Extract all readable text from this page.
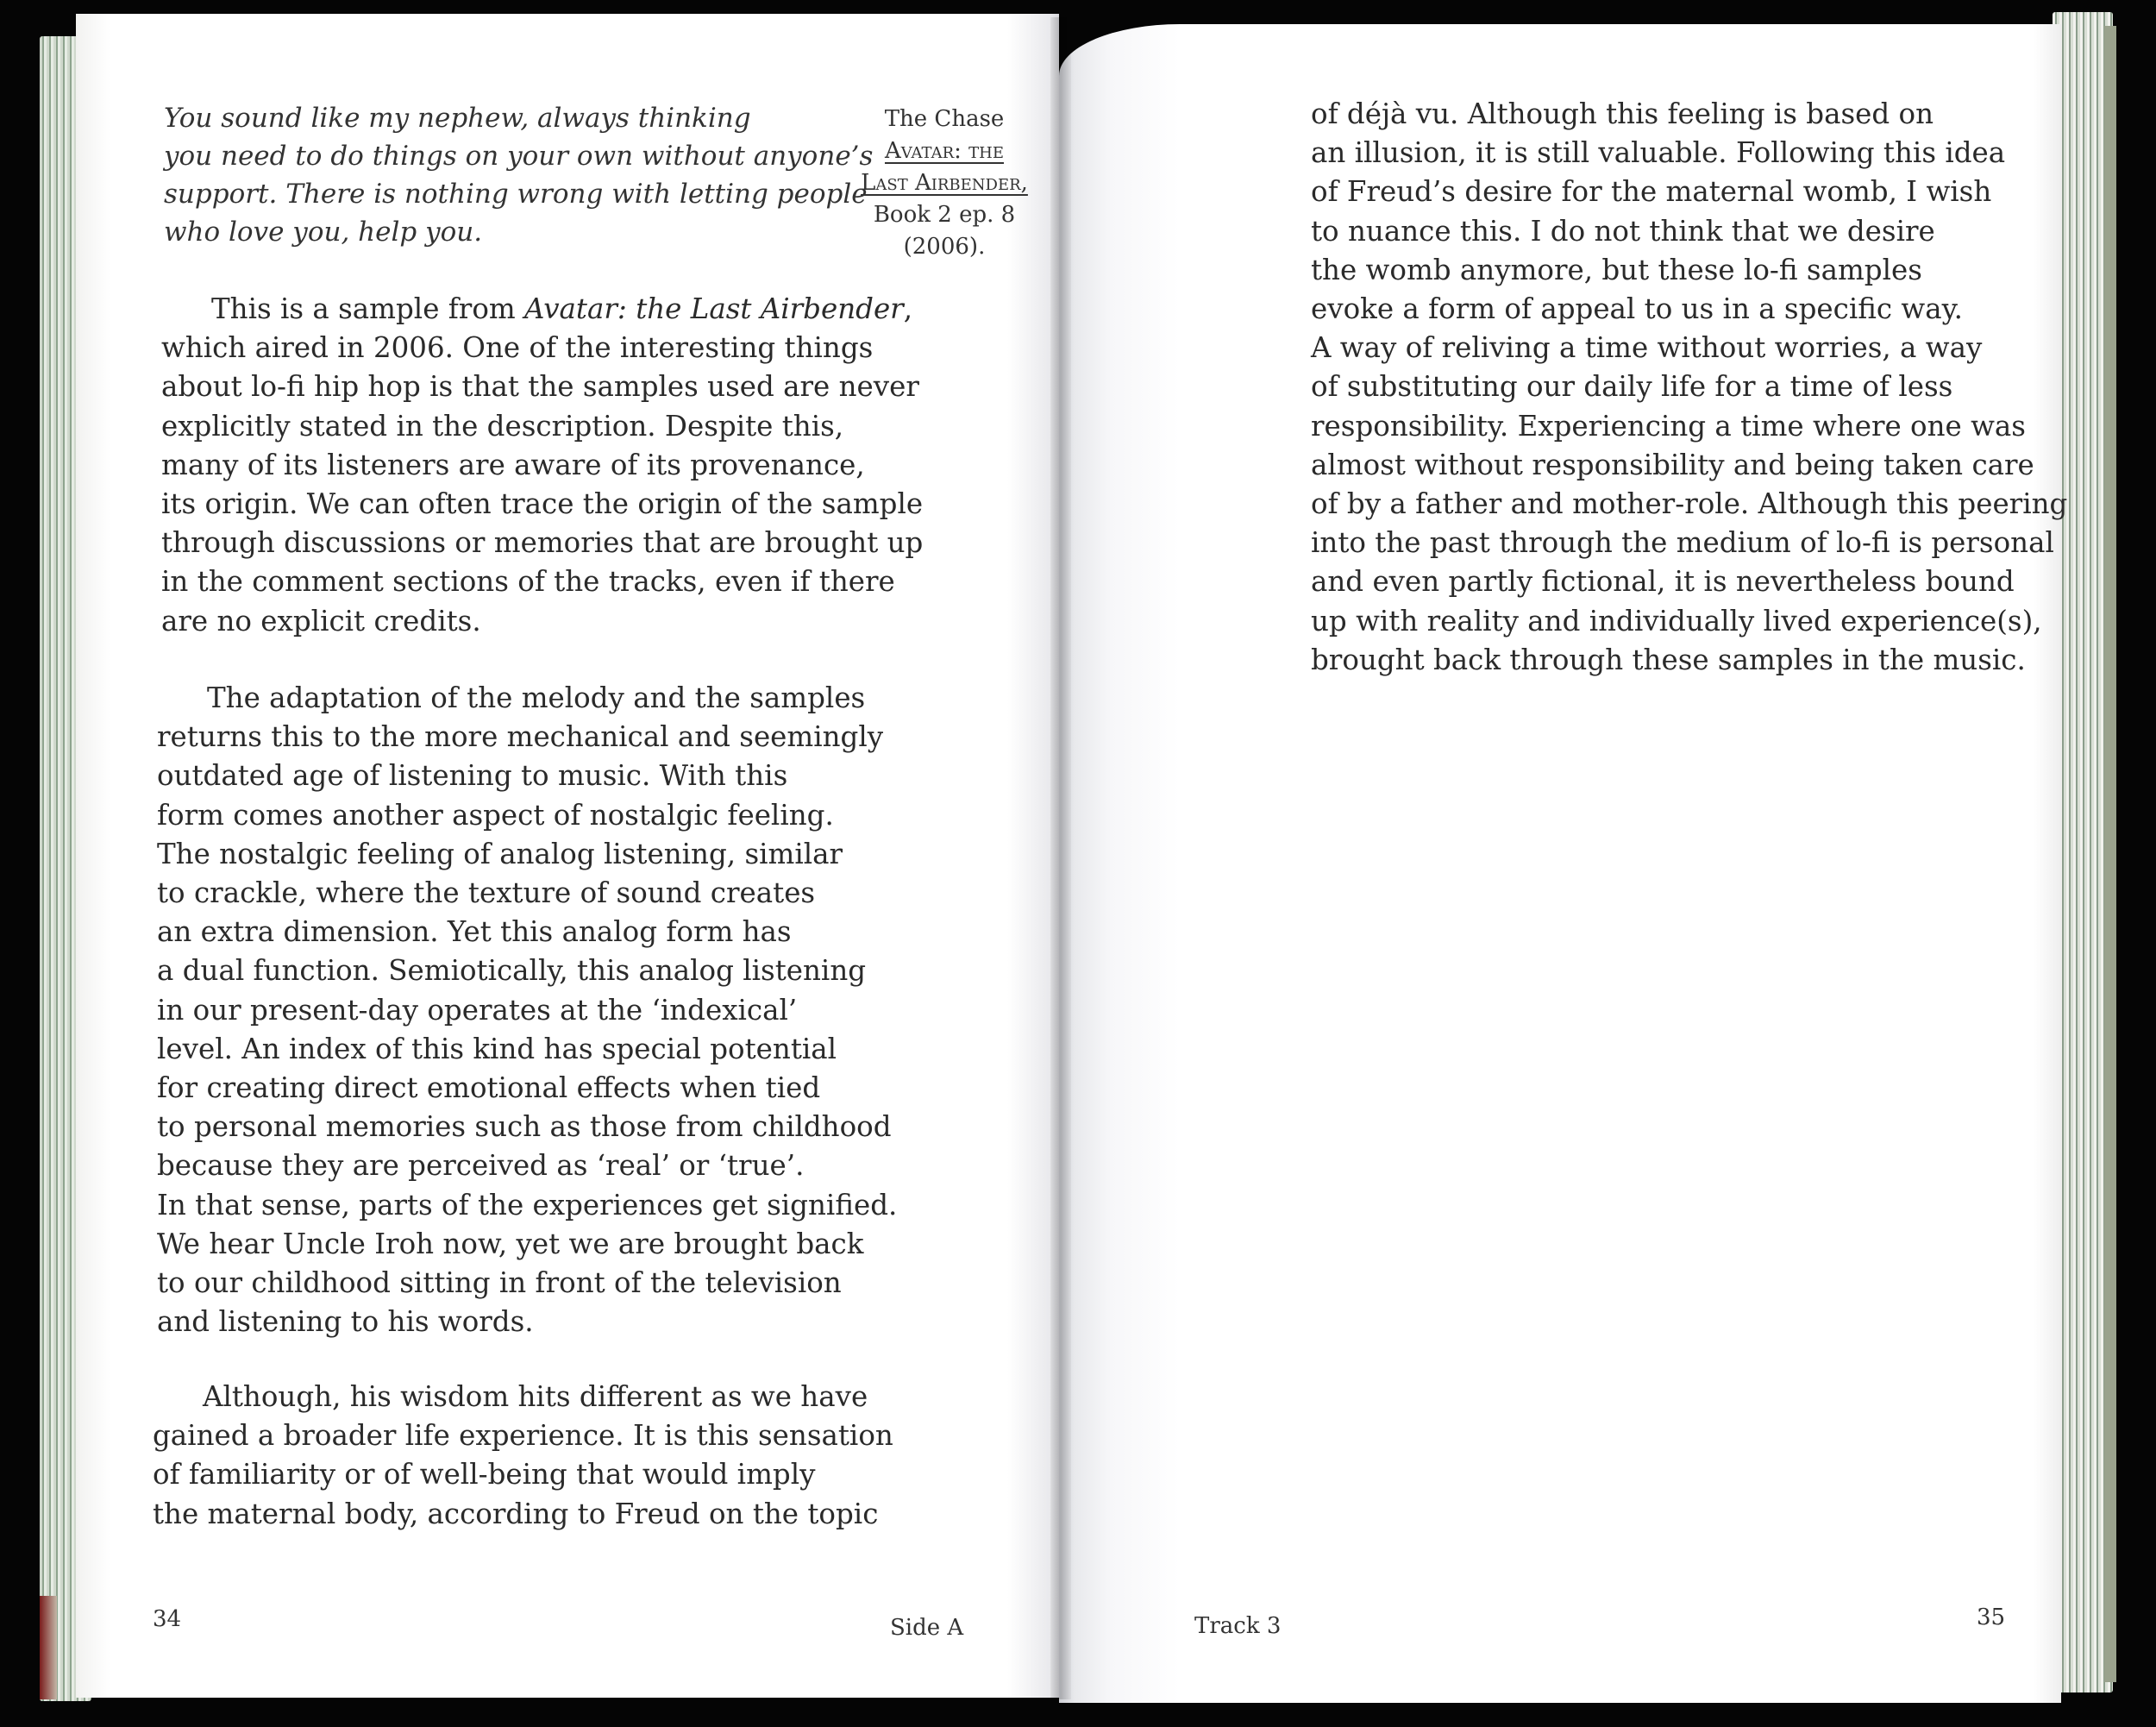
You sound like my nephew, always thinking
you need to do things on your own without anyone’s
support. There is nothing wrong with letting people
who love you, help you.
The Chase
Avatar: the
Last Airbender,
Book 2 ep. 8
(2006).
This is a sample from Avatar: the Last Airbender,
which aired in 2006. One of the interesting things
about lo-fi hip hop is that the samples used are never
explicitly stated in the description. Despite this,
many of its listeners are aware of its provenance,
its origin. We can often trace the origin of the sample
through discussions or memories that are brought up
in the comment sections of the tracks, even if there
are no explicit credits.
The adaptation of the melody and the samples
returns this to the more mechanical and seemingly
outdated age of listening to music. With this
form comes another aspect of nostalgic feeling.
The nostalgic feeling of analog listening, similar
to crackle, where the texture of sound creates
an extra dimension. Yet this analog form has
a dual function. Semiotically, this analog listening
in our present-day operates at the ‘indexical’
level. An index of this kind has special potential
for creating direct emotional effects when tied
to personal memories such as those from childhood
because they are perceived as ‘real’ or ‘true’.
In that sense, parts of the experiences get signified.
We hear Uncle Iroh now, yet we are brought back
to our childhood sitting in front of the television
and listening to his words.
Although, his wisdom hits different as we have
gained a broader life experience. It is this sensation
of familiarity or of well-being that would imply
the maternal body, according to Freud on the topic
34	Side A
of déjà vu. Although this feeling is based on
an illusion, it is still valuable. Following this idea
of Freud’s desire for the maternal womb, I wish
to nuance this. I do not think that we desire
the womb anymore, but these lo-fi samples
evoke a form of appeal to us in a specific way.
A way of reliving a time without worries, a way
of substituting our daily life for a time of less
responsibility. Experiencing a time where one was
almost without responsibility and being taken care
of by a father and mother-role. Although this peering
into the past through the medium of lo-fi is personal
and even partly fictional, it is nevertheless bound
up with reality and individually lived experience(s),
brought back through these samples in the music.
Track 3	35
